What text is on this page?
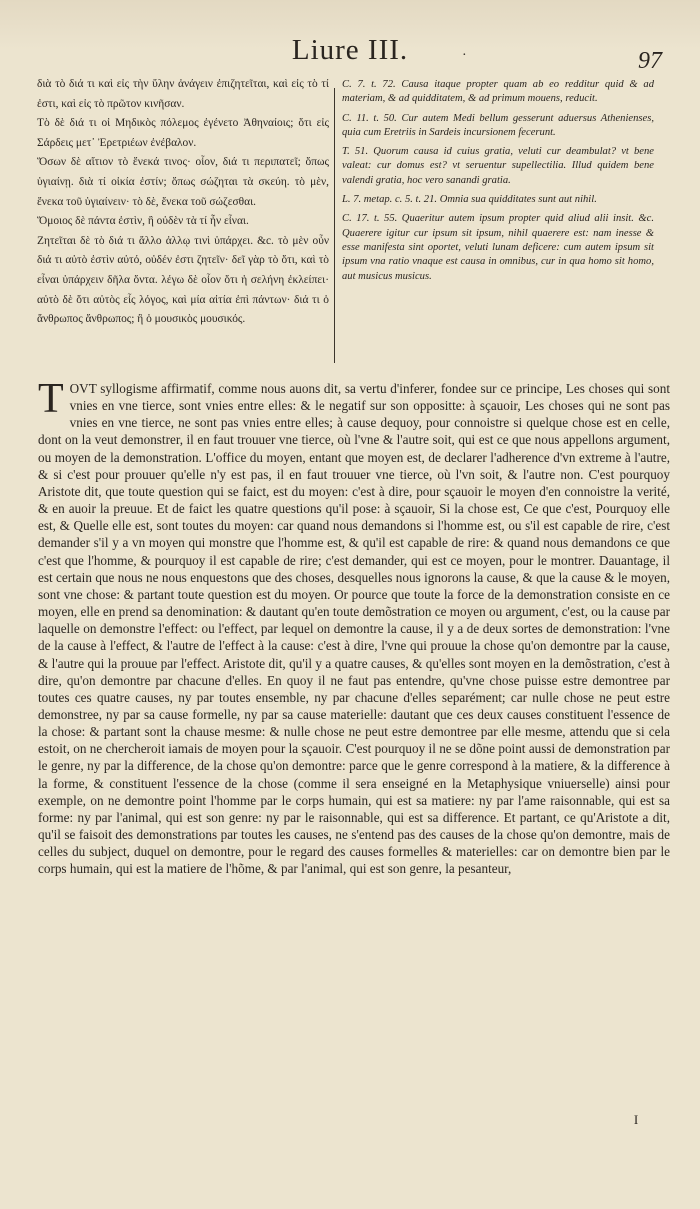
Liure III.	·	97

διὰ τὸ διά τι καὶ εἰς τὴν ὕλην ἀνάγειν ἐπιζητεῖται, καὶ εἰς τὸ τί ἐστι, καὶ εἰς τὸ πρῶτον κινῆσαν.

Τὸ δὲ διά τι οἱ Μηδικὸς πόλεμος ἐγένετο Ἀθηναίοις; ὅτι εἰς Σάρδεις μετ᾽ Ἐρετριέων ἐνέβαλον.

Ὅσων δὲ αἴτιον τὸ ἕνεκά τινος· οἷον, διά τι περιπατεῖ; ὅπως ὑγιαίνῃ. διὰ τί οἰκία ἐστίν; ὅπως σώζηται τὰ σκεύη. τὸ μὲν, ἕνεκα τοῦ ὑγιαίνειν· τὸ δὲ, ἕνεκα τοῦ σώζεσθαι.

Ὅμοιος δὲ πάντα ἐστὶν, ἢ οὐδὲν τὰ τί ἦν εἶναι.

Ζητεῖται δὲ τὸ διά τι ἄλλο ἀλλῳ τινὶ ὑπάρχει. &c. τὸ μὲν οὖν διά τι αὐτὸ ἐστὶν αὐτό, οὐδέν ἐστι ζητεῖν· δεῖ γὰρ τὸ ὅτι, καὶ τὸ εἶναι ὑπάρχειν δῆλα ὄντα. λέγω δὲ οἷον ὅτι ἡ σελήνη ἐκλείπει· αὐτὸ δὲ ὅτι αὐτὸς εἷς λόγος, καὶ μία αἰτία ἐπὶ πάντων· διά τι ὁ ἄνθρωπος ἄνθρωπος; ἢ ὁ μουσικὸς μουσικός.

C. 7. t. 72. Causa itaque propter quam ab eo redditur quid & ad materiam, & ad quidditatem, & ad primum mouens, reducit.

C. 11. t. 50. Cur autem Medi bellum gesserunt aduersus Athenienses, quia cum Eretriis in Sardeis incursionem fecerunt.

T. 51. Quorum causa id cuius gratia, veluti cur deambulat? vt bene valeat: cur domus est? vt seruentur supellectilia. Illud quidem bene valendi gratia, hoc vero sanandi gratia.

L. 7. metap. c. 5. t. 21. Omnia sua quidditates sunt aut nihil.

C. 17. t. 55. Quaeritur autem ipsum propter quid aliud alii insit. &c. Quaerere igitur cur ipsum sit ipsum, nihil quaerere est: nam inesse & esse manifesta sint oportet, veluti lunam deficere: cum autem ipsum sit ipsum vna ratio vnaque est causa in omnibus, cur in qua homo sit homo, aut musicus musicus.

TOVT syllogisme affirmatif, comme nous auons dit, sa vertu d'inferer, fondee sur ce principe, Les choses qui sont vnies en vne tierce, sont vnies entre elles: & le negatif sur son oppositte: à sçauoir, Les choses qui ne sont pas vnies en vne tierce, ne sont pas vnies entre elles; à cause dequoy, pour connoistre si quelque chose est en celle, dont on la veut demonstrer, il en faut trouuer vne tierce, où l'vne & l'autre soit, qui est ce que nous appellons argument, ou moyen de la demonstration. L'office du moyen, entant que moyen est, de declarer l'adherence d'vn extreme à l'autre, & si c'est pour prouuer qu'elle n'y est pas, il en faut trouuer vne tierce, où l'vn soit, & l'autre non. C'est pourquoy Aristote dit, que toute question qui se faict, est du moyen: c'est à dire, pour sçauoir le moyen d'en connoistre la verité, & en auoir la preuue. Et de faict les quatre questions qu'il pose: à sçauoir, Si la chose est, Ce que c'est, Pourquoy elle est, & Quelle elle est, sont toutes du moyen: car quand nous demandons si l'homme est, ou s'il est capable de rire, c'est demander s'il y a vn moyen qui monstre que l'homme est, & qu'il est capable de rire: & quand nous demandons ce que c'est que l'homme, & pourquoy il est capable de rire; c'est demander, qui est ce moyen, pour le montrer. Dauantage, il est certain que nous ne nous enquestons que des choses, desquelles nous ignorons la cause, & que la cause & le moyen, sont vne chose: & partant toute question est du moyen. Or pource que toute la force de la demonstration consiste en ce moyen, elle en prend sa denomination: & dautant qu'en toute demõstration ce moyen ou argument, c'est, ou la cause par laquelle on demonstre l'effect: ou l'effect, par lequel on demontre la cause, il y a de deux sortes de demonstration: l'vne de la cause à l'effect, & l'autre de l'effect à la cause: c'est à dire, l'vne qui prouue la chose qu'on demontre par la cause, & l'autre qui la prouue par l'effect. Aristote dit, qu'il y a quatre causes, & qu'elles sont moyen en la demõstration, c'est à dire, qu'on demontre par chacune d'elles. En quoy il ne faut pas entendre, qu'vne chose puisse estre demontree par toutes ces quatre causes, ny par toutes ensemble, ny par chacune d'elles separément; car nulle chose ne peut estre demonstree, ny par sa cause formelle, ny par sa cause materielle: dautant que ces deux causes constituent l'essence de la chose: & partant sont la chause mesme: & nulle chose ne peut estre demontree par elle mesme, attendu que si cela estoit, on ne chercheroit iamais de moyen pour la sçauoir. C'est pourquoy il ne se dõne point aussi de demonstration par le genre, ny par la difference, de la chose qu'on demontre: parce que le genre correspond à la matiere, & la difference à la forme, & constituent l'essence de la chose (comme il sera enseigné en la Metaphysique vniuerselle) ainsi pour exemple, on ne demontre point l'homme par le corps humain, qui est sa matiere: ny par l'ame raisonnable, qui est sa forme: ny par l'animal, qui est son genre: ny par le raisonnable, qui est sa difference. Et partant, ce qu'Aristote a dit, qu'il se faisoit des demonstrations par toutes les causes, ne s'entend pas des causes de la chose qu'on demontre, mais de celles du subject, duquel on demontre, pour le regard des causes formelles & materielles: car on demontre bien par le corps humain, qui est la matiere de l'hõme, & par l'animal, qui est son genre, la pesanteur,

I
